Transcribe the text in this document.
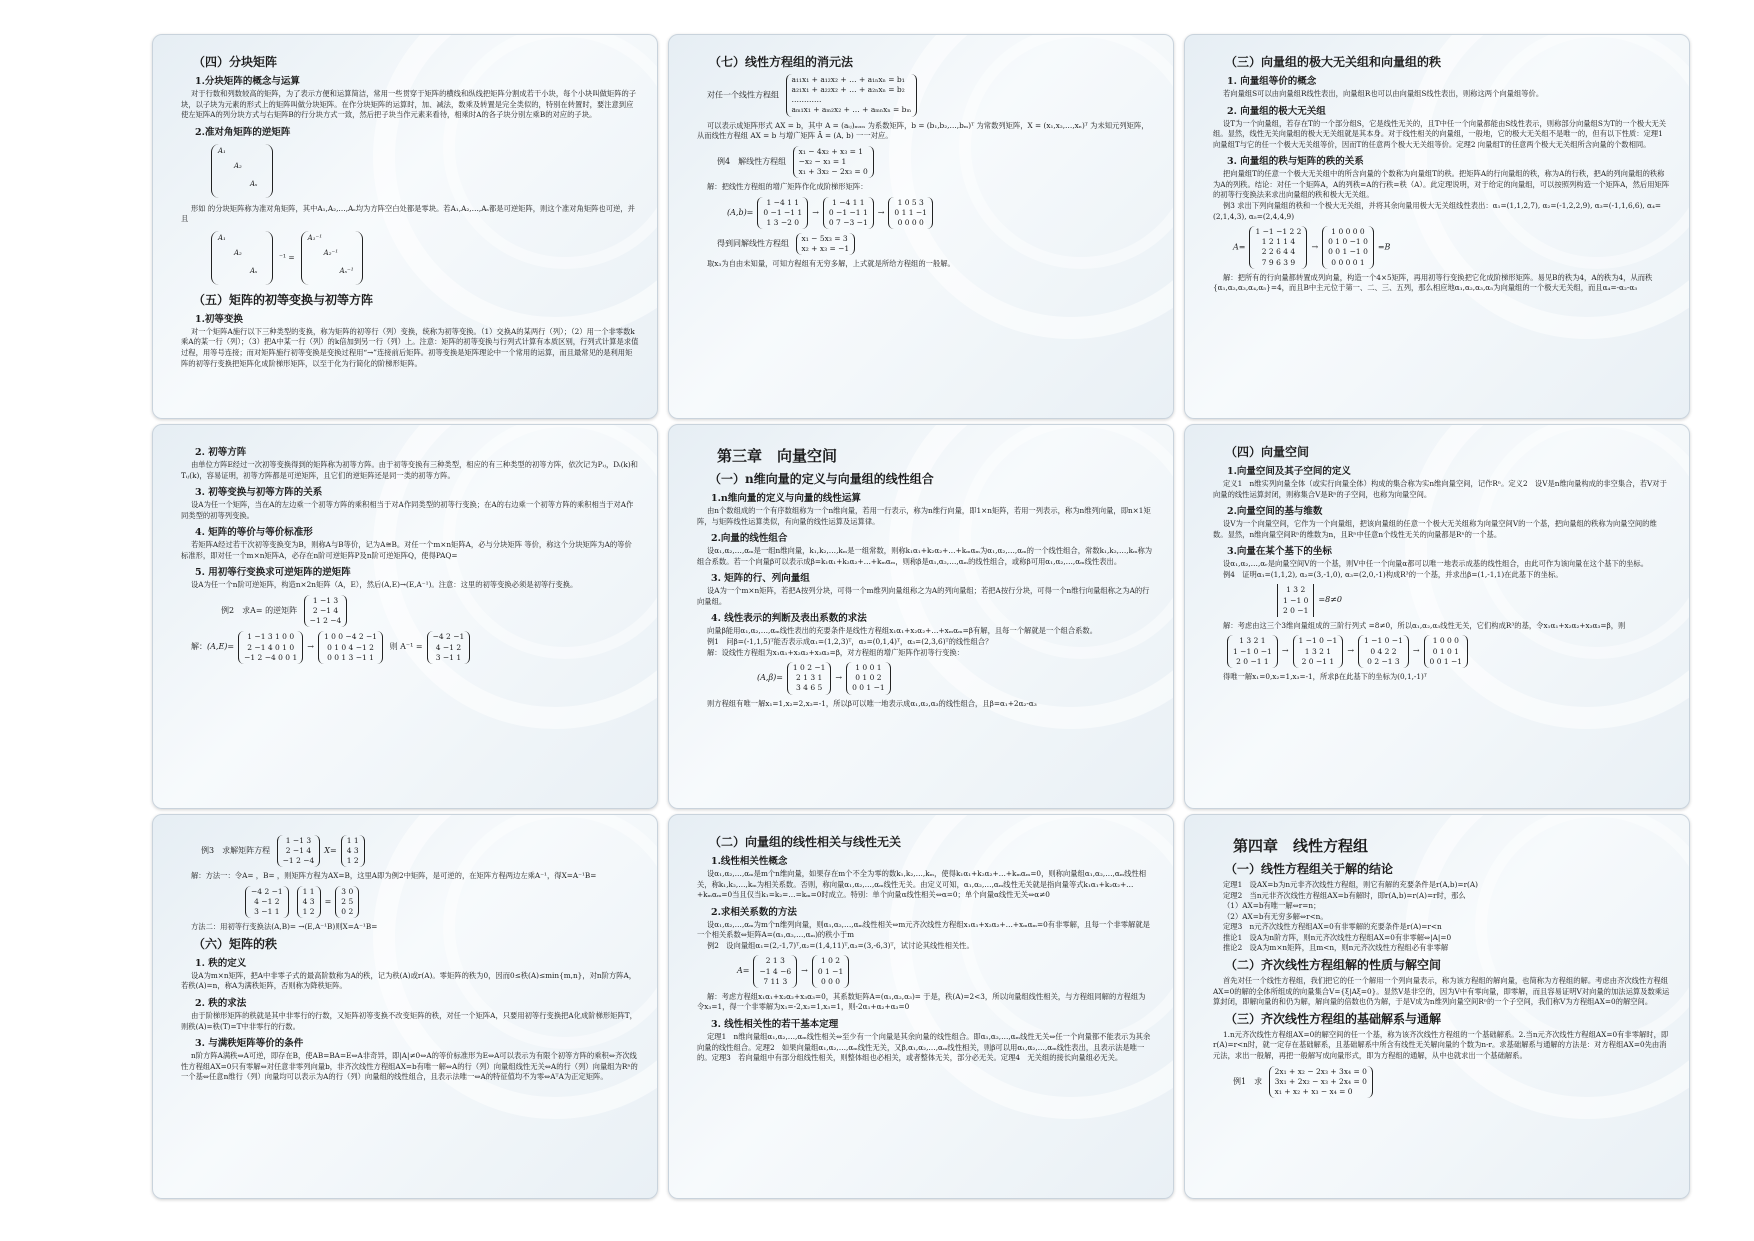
（四）分块矩阵
1.分块矩阵的概念与运算

对于行数和列数较高的矩阵，为了表示方便和运算简洁，常用一些贯穿于矩阵的横线和纵线把矩阵分割成若干小块，每个小块叫做矩阵的子块，以子块为元素的形式上的矩阵叫做分块矩阵。在作分块矩阵的运算时，加、减法，数乘及转置是完全类似的，特别在转置时，要注意到应使左矩阵A的列分块方式与右矩阵B的行分块方式一致，然后把子块当作元素来看待，相乘时A的各子块分别左乘B的对应的子块。

2.准对角矩阵的逆矩阵
A₁
A₂
Aₛ

形如 的分块矩阵称为准对角矩阵，其中A₁,A₂,…,Aₛ均为方阵空白处都是零块。若A₁,A₂,…,Aₛ都是可逆矩阵，则这个准对角矩阵也可逆，并且

A₁
A₂
Aₛ
⁻¹ =
A₁⁻¹
A₂⁻¹
Aₛ⁻¹
（五）矩阵的初等变换与初等方阵
1.初等变换

对一个矩阵A施行以下三种类型的变换，称为矩阵的初等行（列）变换，统称为初等变换。（1）交换A的某两行（列）；（2）用一个非零数k乘A的某一行（列）；（3）把A中某一行（列）的k倍加到另一行（列）上。注意：矩阵的初等变换与行列式计算有本质区别，行列式计算是求值过程，用等号连接；而对矩阵施行初等变换是变换过程用“→”连接前后矩阵。初等变换是矩阵理论中一个常用的运算，而且最常见的是利用矩阵的初等行变换把矩阵化成阶梯形矩阵，以至于化为行简化的阶梯形矩阵。

（七）线性方程组的消元法
对任一个线性方程组 a₁₁x₁ + a₁₂x₂ + … + a₁ₙxₙ = b₁
a₂₁x₁ + a₂₂x₂ + … + a₂ₙxₙ = b₂
…………
aₘ₁x₁ + aₘ₂x₂ + … + aₘₙxₙ = bₘ

可以表示成矩阵形式 AX = b，其中 A = (aᵢⱼ)ₘₓₙ 为系数矩阵，b = (b₁,b₂,…,bₘ)ᵀ 为常数列矩阵，X = (x₁,x₂,…,xₙ)ᵀ 为未知元列矩阵，从而线性方程组 AX = b 与增广矩阵 Ā = (A, b) 一一对应。

例4　解线性方程组 x₁ − 4x₂ + x₃ = 1
−x₂ − x₃ = 1
x₁ + 3x₂ − 2x₃ = 0

解：把线性方程组的增广矩阵作化成阶梯形矩阵：

(A,b)=1 −4 1 1
0 −1 −1 1
1 3 −2 0→1 −4 1 1
0 −1 −1 1
0 7 −3 −1→1 0 5 3
0 1 1 −1
0 0 0 0
得到同解线性方程组 x₁ − 5x₃ = 3
x₂ + x₃ = −1

取x₃为自由未知量，可知方程组有无穷多解，上式就是所给方程组的一般解。

（三）向量组的极大无关组和向量组的秩
1. 向量组等价的概念

若向量组S可以由向量组R线性表出，向量组R也可以由向量组S线性表出，则称这两个向量组等价。

2. 向量组的极大无关组

设T为一个向量组，若存在T的一个部分组S，它是线性无关的，且T中任一个向量都能由S线性表示，则称部分向量组S为T的一个极大无关组。显然，线性无关向量组的极大无关组就是其本身。对于线性相关的向量组，一般地，它的极大无关组不是唯一的，但有以下性质：定理1 向量组T与它的任一个极大无关组等价，因而T的任意两个极大无关组等价。定理2 向量组T的任意两个极大无关组所含向量的个数相同。

3. 向量组的秩与矩阵的秩的关系

把向量组T的任意一个极大无关组中的所含向量的个数称为向量组T的秩。把矩阵A的行向量组的秩，称为A的行秩，把A的列向量组的秩称为A的列秩。结论：对任一个矩阵A，A的列秩=A的行秩=秩（A）。此定理说明，对于给定的向量组，可以按照列构造一个矩阵A，然后用矩阵的初等行变换法来求出向量组的秩和极大无关组。

例3 求出下列向量组的秩和一个极大无关组，并将其余向量用极大无关组线性表出：α₁=(1,1,2,7), α₂=(-1,2,2,9), α₃=(-1,1,6,6), α₄=(2,1,4,3), α₅=(2,4,4,9)

A=1 −1 −1 2 2
1 2 1 1 4
2 2 6 4 4
7 9 6 3 9→1 0 0 0 0
0 1 0 −1 0
0 0 1 −1 0
0 0 0 0 1=B

解：把所有的行向量都转置成列向量，构造一个4×5矩阵，再用初等行变换把它化成阶梯形矩阵。易见B的秩为4，A的秩为4，从而秩{α₁,α₂,α₃,α₄,α₅}=4，而且B中主元位于第一、二、三、五列，那么相应地α₁,α₂,α₃,α₅为向量组的一个极大无关组，而且α₄=-α₂-α₃

2. 初等方阵

由单位方阵E经过一次初等变换得到的矩阵称为初等方阵。由于初等变换有三种类型，相应的有三种类型的初等方阵，依次记为Pᵢⱼ，Dᵢ(k)和Tᵢⱼ(k)，容易证明，初等方阵都是可逆矩阵，且它们的逆矩阵还是同一类的初等方阵。

3. 初等变换与初等方阵的关系

设A为任一个矩阵，当在A的左边乘一个初等方阵的乘积相当于对A作同类型的初等行变换；在A的右边乘一个初等方阵的乘积相当于对A作同类型的初等列变换。

4. 矩阵的等价与等价标准形

若矩阵A经过若干次初等变换变为B，则称A与B等价，记为A≅B。对任一个m×n矩阵A，必与分块矩阵 等价，称这个分块矩阵为A的等价标准形，即对任一个m×n矩阵A，必存在n阶可逆矩阵P及n阶可逆矩阵Q，使得PAQ=

5. 用初等行变换求可逆矩阵的逆矩阵

设A为任一个n阶可逆矩阵，构造n×2n矩阵（A，E），然后(A,E)→(E,A⁻¹)。注意：这里的初等变换必须是初等行变换。

例2　求A= 的逆矩阵 1 −1 3
2 −1 4
−1 2 −4
解：(A,E)=1 −1 3 1 0 0
2 −1 4 0 1 0
−1 2 −4 0 0 1→1 0 0 −4 2 −1
0 1 0 4 −1 2
0 0 1 3 −1 1 则 A⁻¹ =−4 2 −1
4 −1 2
3 −1 1
第三章　向量空间
（一）n维向量的定义与向量组的线性组合
1.n维向量的定义与向量的线性运算

由n个数组成的一个有序数组称为一个n维向量，若用一行表示，称为n维行向量，即1×n矩阵，若用一列表示，称为n维列向量，即n×1矩阵，与矩阵线性运算类似，有向量的线性运算及运算律。

2.向量的线性组合

设α₁,α₂,…,αₘ是一组n维向量，k₁,k₂,…,kₘ是一组常数，则称k₁α₁+k₂α₂+…+kₘαₘ为α₁,α₂,…,αₘ的一个线性组合，常数k₁,k₂,…,kₘ称为组合系数。若一个向量β可以表示成β=k₁α₁+k₂α₂+…+kₘαₘ，则称β是α₁,α₂,…,αₘ的线性组合，或称β可用α₁,α₂,…,αₘ线性表出。

3. 矩阵的行、列向量组

设A为一个m×n矩阵，若把A按列分块，可得一个m维列向量组称之为A的列向量组；若把A按行分块，可得一个n维行向量组称之为A的行向量组。

4. 线性表示的判断及表出系数的求法

向量β能用α₁,α₂,…,αₘ线性表出的充要条件是线性方程组x₁α₁+x₂α₂+…+xₘαₘ=β有解，且每一个解就是一个组合系数。

例1　问β=(-1,1,5)ᵀ能否表示成α₁=(1,2,3)ᵀ，α₂=(0,1,4)ᵀ，α₃=(2,3,6)ᵀ的线性组合？

解：设线性方程组为x₁α₁+x₂α₂+x₃α₃=β，对方程组的增广矩阵作初等行变换：

(A,β)=1 0 2 −1
2 1 3 1
3 4 6 5→1 0 0 1
0 1 0 2
0 0 1 −1

则方程组有唯一解x₁=1,x₂=2,x₃=-1，所以β可以唯一地表示成α₁,α₂,α₃的线性组合，且β=α₁+2α₂-α₃

（四）向量空间
1.向量空间及其子空间的定义

定义1　n维实列向量全体（或实行向量全体）构成的集合称为实n维向量空间，记作Rⁿ。定义2　设V是n维向量构成的非空集合，若V对于向量的线性运算封闭，则称集合V是Rⁿ的子空间，也称为向量空间。

2.向量空间的基与维数

设V为一个向量空间，它作为一个向量组，把该向量组的任意一个极大无关组称为向量空间V的一个基，把向量组的秩称为向量空间的维数。显然，n维向量空间Rⁿ的维数为n，且Rⁿ中任意n个线性无关的向量都是Rⁿ的一个基。

3.向量在某个基下的坐标

设α₁,α₂,…,αᵣ是向量空间V的一个基，则V中任一个向量α都可以唯一地表示成基的线性组合，由此可作为该向量在这个基下的坐标。

例4　证明α₁=(1,1,2), α₂=(3,-1,0), α₃=(2,0,-1)构成R³的一个基，并求出β=(1,-1,1)在此基下的坐标。

1 3 2
1 −1 0
2 0 −1=8≠0

解：考虑由这三个3维向量组成的三阶行列式 =8≠0，所以α₁,α₂,α₃线性无关，它们构成R³的基，令x₁α₁+x₂α₂+x₃α₃=β，则

1 3 2 1
1 −1 0 −1
2 0 −1 1→1 −1 0 −1
1 3 2 1
2 0 −1 1→1 −1 0 −1
0 4 2 2
0 2 −1 3→1 0 0 0
0 1 0 1
0 0 1 −1

得唯一解x₁=0,x₂=1,x₃=-1，所求β在此基下的坐标为(0,1,-1)ᵀ

例3　求解矩阵方程 1 −1 3
2 −1 4
−1 2 −4X=1 1
4 3
1 2

解：方法一：令A= ，B= ，则矩阵方程为AX=B，这里A即为例2中矩阵，是可逆的，在矩阵方程两边左乘A⁻¹，得X=A⁻¹B=

−4 2 −1
4 −1 2
3 −1 11 1
4 3
1 2=3 0
2 5
0 2

方法二：用初等行变换法(A,B)= →(E,A⁻¹B)则X=A⁻¹B=

（六）矩阵的秩
1. 秩的定义

设A为m×n矩阵，把A中非零子式的最高阶数称为A的秩，记为秩(A)或r(A)。零矩阵的秩为0，因而0≤秩(A)≤min{m,n}，对n阶方阵A，若秩(A)=n，称A为满秩矩阵，否则称为降秩矩阵。

2. 秩的求法

由于阶梯形矩阵的秩就是其中非零行的行数，又矩阵初等变换不改变矩阵的秩，对任一个矩阵A，只要用初等行变换把A化成阶梯形矩阵T，则秩(A)=秩(T)=T中非零行的行数。

3. 与满秩矩阵等价的条件

n阶方阵A满秩⇔A可逆，即存在B，使AB=BA=E⇔A非奇异，即|A|≠0⇔A的等价标准形为E⇔A可以表示为有限个初等方阵的乘积⇔齐次线性方程组AX=0只有零解⇔对任意非零列向量b，非齐次线性方程组AX=b有唯一解⇔A的行（列）向量组线性无关⇔A的行（列）向量组为Rⁿ的一个基⇔任意n维行（列）向量均可以表示为A的行（列）向量组的线性组合，且表示法唯一⇔A的特征值均不为零⇔AᵀA为正定矩阵。

（二）向量组的线性相关与线性无关
1.线性相关性概念

设α₁,α₂,…,αₘ是m个n维向量，如果存在m个不全为零的数k₁,k₂,…,kₘ，使得k₁α₁+k₂α₂+…+kₘαₘ=0，则称向量组α₁,α₂,…,αₘ线性相关，称k₁,k₂,…,kₘ为相关系数。否则，称向量α₁,α₂,…,αₘ线性无关。由定义可知，α₁,α₂,…,αₘ线性无关就是指向量等式k₁α₁+k₂α₂+…+kₘαₘ=0当且仅当k₁=k₂=…=kₘ=0时成立。特别：单个向量α线性相关⇔α=0；单个向量α线性无关⇔α≠0

2.求相关系数的方法

设α₁,α₂,…,αₘ为m个n维列向量，则α₁,α₂,…,αₘ线性相关⇔m元齐次线性方程组x₁α₁+x₂α₂+…+xₘαₘ=0有非零解，且每一个非零解就是一个相关系数⇔矩阵A=(α₁,α₂,…,αₘ)的秩小于m

例2　设向量组α₁=(2,-1,7)ᵀ,α₂=(1,4,11)ᵀ,α₃=(3,-6,3)ᵀ，试讨论其线性相关性。

A=2 1 3
−1 4 −6
7 11 3→1 0 2
0 1 −1
0 0 0

解：考虑方程组x₁α₁+x₂α₂+x₃α₃=0，其系数矩阵A=(α₁,α₂,α₃)= 于是，秩(A)=2<3，所以向量组线性相关，与方程组同解的方程组为 令x₃=1，得一个非零解为x₁=-2,x₂=1,x₃=1，则-2α₁+α₂+α₃=0

3. 线性相关性的若干基本定理

定理1　n维向量组α₁,α₂,…,αₘ线性相关⇔至少有一个向量是其余向量的线性组合。即α₁,α₂,…,αₘ线性无关⇔任一个向量都不能表示为其余向量的线性组合。定理2　如果向量组α₁,α₂,…,αₘ线性无关，又β,α₁,α₂,…,αₘ线性相关，则β可以用α₁,α₂,…,αₘ线性表出，且表示法是唯一的。定理3　若向量组中有部分组线性相关，则整体组也必相关，或者整体无关，部分必无关。定理4　无关组的接长向量组必无关。

第四章　线性方程组
（一）线性方程组关于解的结论

定理1　设AX=b为n元非齐次线性方程组，则它有解的充要条件是r(A,b)=r(A)

定理2　当n元非齐次线性方程组AX=b有解时，即r(A,b)=r(A)=r时，那么

（1）AX=b有唯一解⇔r=n；

（2）AX=b有无穷多解⇔r<n。

定理3　n元齐次线性方程组AX=0有非零解的充要条件是r(A)=r<n

推论1　设A为n阶方阵，则n元齐次线性方程组AX=0有非零解⇔|A|=0

推论2　设A为m×n矩阵，且m<n，则n元齐次线性方程组必有非零解

（二）齐次线性方程组解的性质与解空间

首先对任一个线性方程组，我们把它的任一个解用一个列向量表示，称为该方程组的解向量，也简称为方程组的解。考虑由齐次线性方程组AX=0的解的全体所组成的向量集合V={ξ|Aξ=0}。显然V是非空的，因为V中有零向量，即零解，而且容易证明V对向量的加法运算及数乘运算封闭，即解向量的和仍为解，解向量的倍数也仍为解，于是V成为n维列向量空间Rⁿ的一个子空间，我们称V为方程组AX=0的解空间。

（三）齐次线性方程组的基础解系与通解

1.n元齐次线性方程组AX=0的解空间的任一个基，称为该齐次线性方程组的一个基础解系。2.当n元齐次线性方程组AX=0有非零解时，即r(A)=r<n时，就一定存在基础解系，且基础解系中所含有线性无关解向量的个数为n-r。求基础解系与通解的方法是：对方程组AX=0先由消元法，求出一般解，再把一般解写成向量形式，即为方程组的通解，从中也就求出一个基础解系。

例1　求 2x₁ + x₂ − 2x₃ + 3x₄ = 0
3x₁ + 2x₂ − x₃ + 2x₄ = 0
x₁ + x₂ + x₃ − x₄ = 0
